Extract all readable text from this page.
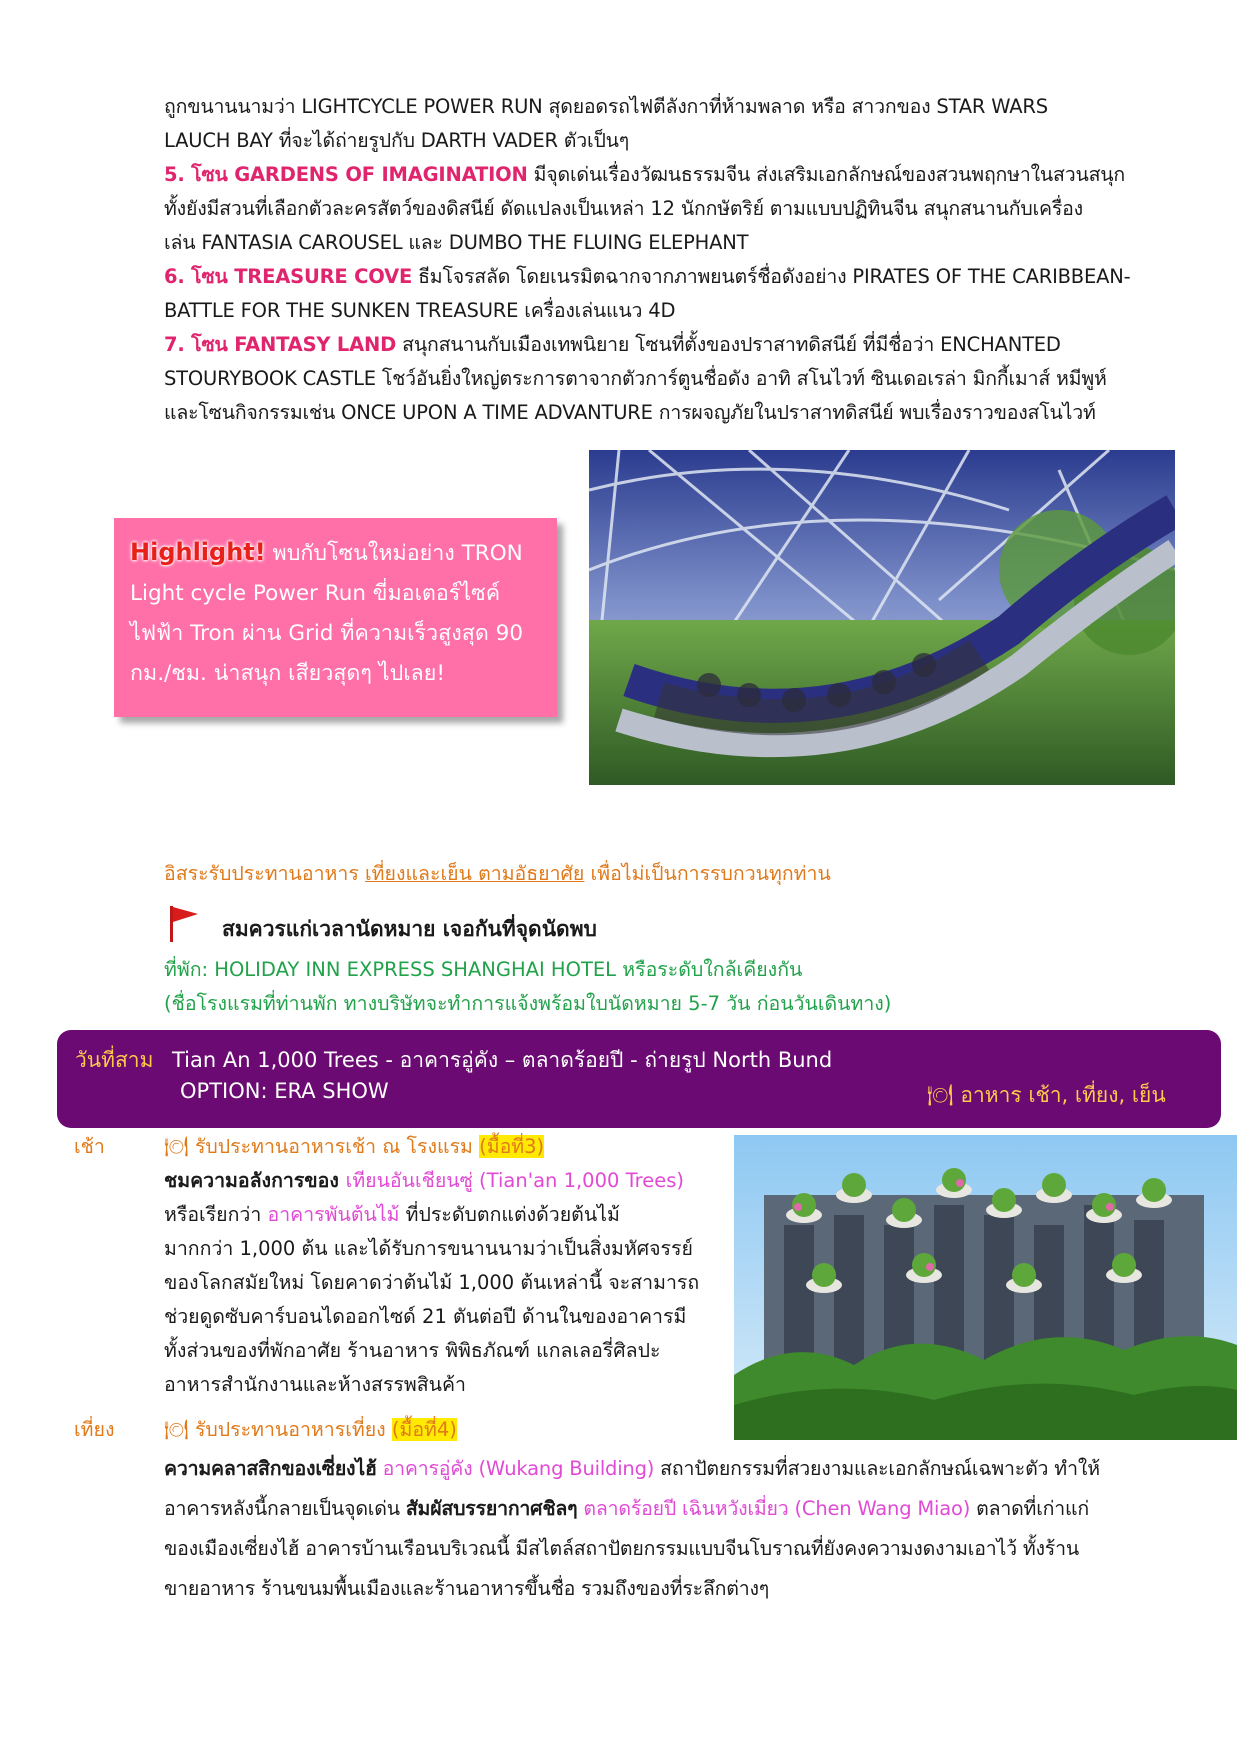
ถูกขนานนามว่า LIGHTCYCLE POWER RUN สุดยอดรถไฟตีลังกาที่ห้ามพลาด หรือ สาวกของ STAR WARS
LAUCH BAY ที่จะได้ถ่ายรูปกับ DARTH VADER ตัวเป็นๆ
5. โซน GARDENS OF IMAGINATION มีจุดเด่นเรื่องวัฒนธรรมจีน ส่งเสริมเอกลักษณ์ของสวนพฤกษาในสวนสนุก
ทั้งยังมีสวนที่เลือกตัวละครสัตว์ของดิสนีย์ ดัดแปลงเป็นเหล่า 12 นักกษัตริย์ ตามแบบปฏิทินจีน สนุกสนานกับเครื่อง
เล่น FANTASIA CAROUSEL และ DUMBO THE FLUING ELEPHANT
6. โซน TREASURE COVE ธีมโจรสลัด โดยเนรมิตฉากจากภาพยนตร์ชื่อดังอย่าง PIRATES OF THE CARIBBEAN-
BATTLE FOR THE SUNKEN TREASURE เครื่องเล่นแนว 4D
7. โซน FANTASY LAND สนุกสนานกับเมืองเทพนิยาย โซนที่ตั้งของปราสาทดิสนีย์ ที่มีชื่อว่า ENCHANTED
STOURYBOOK CASTLE โชว์อันยิ่งใหญ่ตระการตาจากตัวการ์ตูนชื่อดัง อาทิ สโนไวท์ ซินเดอเรล่า มิกกี้เมาส์ หมีพูห์
และโซนกิจกรรมเช่น ONCE UPON A TIME ADVANTURE การผจญภัยในปราสาทดิสนีย์ พบเรื่องราวของสโนไวท์
Highlight! พบกับโซนใหม่อย่าง TRON
Light cycle Power Run ขี่มอเตอร์ไซค์
ไฟฟ้า Tron ผ่าน Grid ที่ความเร็วสูงสุด 90
กม./ชม. น่าสนุก เสียวสุดๆ ไปเลย!
อิสระรับประทานอาหาร เที่ยงและเย็น ตามอัธยาศัย เพื่อไม่เป็นการรบกวนทุกท่าน
สมควรแก่เวลานัดหมาย เจอกันที่จุดนัดพบ
ที่พัก: HOLIDAY INN EXPRESS SHANGHAI HOTEL หรือระดับใกล้เคียงกัน
(ชื่อโรงแรมที่ท่านพัก ทางบริษัทจะทำการแจ้งพร้อมใบนัดหมาย 5-7 วัน ก่อนวันเดินทาง)
วันที่สาม Tian An 1,000 Trees - อาคารอู่คัง – ตลาดร้อยปี - ถ่ายรูป North Bund
OPTION: ERA SHOW	🍽 อาหาร เช้า, เที่ยง, เย็น
เช้า	🍽 รับประทานอาหารเช้า ณ โรงแรม (มื้อที่3)
ชมความอลังการของ เทียนอันเชียนซู่ (Tian'an 1,000 Trees)
หรือเรียกว่า อาคารพันต้นไม้ ที่ประดับตกแต่งด้วยต้นไม้
มากกว่า 1,000 ต้น และได้รับการขนานนามว่าเป็นสิ่งมหัศจรรย์
ของโลกสมัยใหม่ โดยคาดว่าต้นไม้ 1,000 ต้นเหล่านี้ จะสามารถ
ช่วยดูดซับคาร์บอนไดออกไซด์ 21 ตันต่อปี ด้านในของอาคารมี
ทั้งส่วนของที่พักอาศัย ร้านอาหาร พิพิธภัณฑ์ แกลเลอรี่ศิลปะ
อาหารสำนักงานและห้างสรรพสินค้า
เที่ยง	🍽 รับประทานอาหารเที่ยง (มื้อที่4)
ความคลาสสิกของเซี่ยงไฮ้ อาคารอู่คัง (Wukang Building) สถาปัตยกรรมที่สวยงามและเอกลักษณ์เฉพาะตัว ทำให้
อาคารหลังนี้กลายเป็นจุดเด่น สัมผัสบรรยากาศชิลๆ ตลาดร้อยปี เฉินหวังเมี่ยว (Chen Wang Miao) ตลาดที่เก่าแก่
ของเมืองเซี่ยงไฮ้ อาคารบ้านเรือนบริเวณนี้ มีสไตล์สถาปัตยกรรมแบบจีนโบราณที่ยังคงความงดงามเอาไว้ ทั้งร้าน
ขายอาหาร ร้านขนมพื้นเมืองและร้านอาหารขึ้นชื่อ รวมถึงของที่ระลึกต่างๆ
